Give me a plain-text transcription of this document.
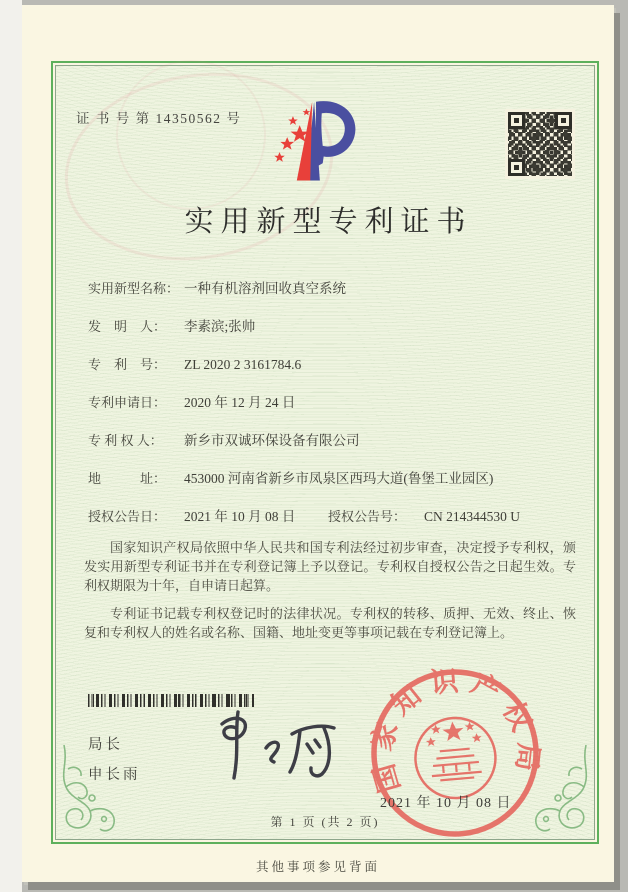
证 书 号 第 14350562 号
实用新型专利证书
实用新型名称： 一种有机溶剂回收真空系统
发　明　人： 李素滨;张帅
专　利　号： ZL 2020 2 3161784.6
专利申请日： 2020 年 12 月 24 日
专 利 权 人： 新乡市双诚环保设备有限公司
地　　　址： 453000 河南省新乡市凤泉区西玛大道(鲁堡工业园区)
授权公告日： 2021 年 10 月 08 日	授权公告号： CN 214344530 U

国家知识产权局依照中华人民共和国专利法经过初步审查，决定授予专利权，颁发实用新型专利证书并在专利登记簿上予以登记。专利权自授权公告之日起生效。专利权期限为十年，自申请日起算。

专利证书记载专利权登记时的法律状况。专利权的转移、质押、无效、终止、恢复和专利权人的姓名或名称、国籍、地址变更等事项记载在专利登记簿上。

局长
申长雨	国家知识产权局
2021 年 10 月 08 日
第 1 页 (共 2 页)
其他事项参见背面
